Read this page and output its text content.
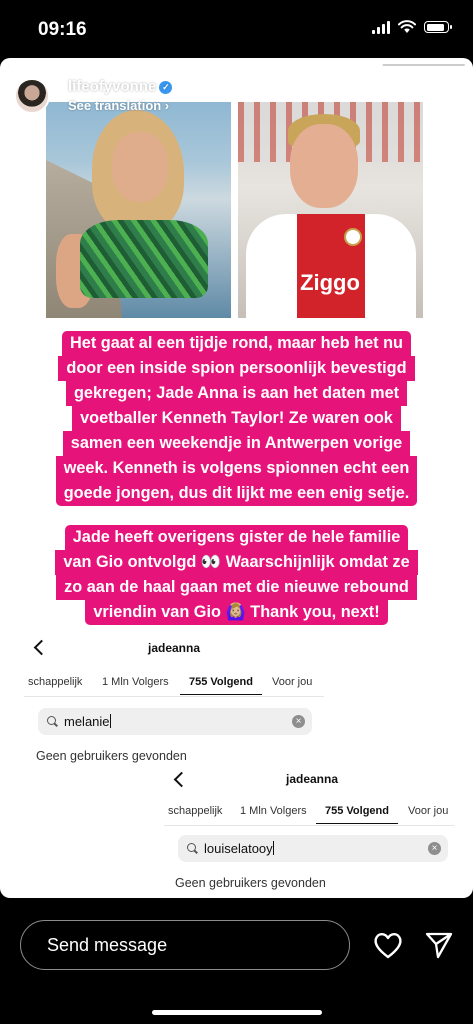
09:16
lifeofyvonne ✓	44m
See translation ›
•••
Ziggo
Het gaat al een tijdje rond, maar heb het nu
door een inside spion persoonlijk bevestigd
gekregen; Jade Anna is aan het daten met
voetballer Kenneth Taylor! Ze waren ook
samen een weekendje in Antwerpen vorige
week. Kenneth is volgens spionnen echt een
goede jongen, dus dit lijkt me een enig setje.
Jade heeft overigens gister de hele familie
van Gio ontvolgd 👀 Waarschijnlijk omdat ze
zo aan de haal gaan met die nieuwe rebound
vriendin van Gio 🙆🏼‍♀️ Thank you, next!
jadeanna
schappelijk 1 Mln Volgers	755 Volgend	Voor jou
melanie	×
Geen gebruikers gevonden
jadeanna
schappelijk 1 Mln Volgers	755 Volgend	Voor jou
louiselatooy	×
Geen gebruikers gevonden
Send message
